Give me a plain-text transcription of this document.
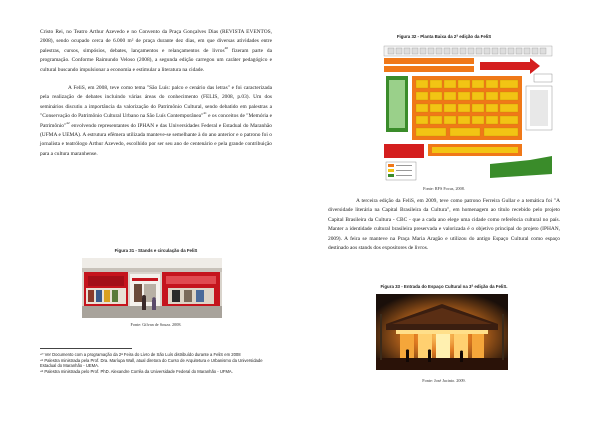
Cristo Rei, no Teatro Arthur Azevedo e no Convento da Praça Gonçalves Dias (REVISTA EVENTOS, 2008), sendo ocupado cerca de 6.000 m² de praça durante dez dias, em que diversas atividades entre palestras, cursos, simpósios, debates, lançamentos e relançamentos de livros$^{40}$ fizeram parte da programação. Conforme Raimundo Veloso (2008), a segunda edição carregou um caráter pedagógico e cultural buscando impulsionar a economia e estimular a literatura na cidade.

A FeliS, em 2008, teve como tema "São Luís: palco e cenário das letras" e foi caracterizada pela realização de debates incluindo várias áreas do conhecimento (FELIS, 2008, p.03). Um dos seminários discutiu a importância da valorização do Patrimônio Cultural, sendo debatido em palestras a "Conservação do Patrimônio Cultural Urbano na São Luís Contemporânea"$^{41}$ e os conceitos de "Memória e Patrimônio"$^{42}$ envolvendo representantes do IPHAN e das Universidades Federal e Estadual do Maranhão (UFMA e UEMA). A estrutura efêmera utilizada manteve-se semelhante à do ano anterior e o patrono foi o jornalista e teatrólogo Arthur Azevedo, escolhido por ser seu ano de centenário e pela grande contribuição para a cultura maranhense.

Figura 31 - Stands e circulação da FeliS

Fonte: Gilvan de Souza. 2008.

⁴⁰ Ver Documento com a programação da 2ª Feira do Livro de São Luís distribuído durante a FeliS em 2008

⁴¹ Palestra ministrada pela Prof. Dra. Maríupa Wall, atual diretora do Curso de Arquitetura e Urbanismo da Universidade Estadual do Maranhão - UEMA.

⁴² Palestra ministrada pelo Prof. PhD. Alexandre Corrêa da Universidade Federal do Maranhão - UFMA.

Figura 32 - Planta Baixa da 2ª edição da FeliS

Fonte: RFS Focus, 2008.

A terceira edição da FeliS, em 2009, teve como patrono Ferreira Gullar e a temática foi "A diversidade literária na Capital Brasileira da Cultura", em homenagem ao título recebido pelo projeto Capital Brasileira da Cultura - CBC - que a cada ano elege uma cidade como referência cultural no país. Manter a identidade cultural brasileira preservada e valorizada é o objetivo principal do projeto (IPHAN, 2009). A feira se manteve na Praça Maria Aragão e utilizou do antigo Espaço Cultural como espaço destinado aos stands dos expositores de livros.

Figura 33 - Entrada do Espaço Cultural na 3ª edição da FeliS.

Fonte: José Jacinto. 2009.
